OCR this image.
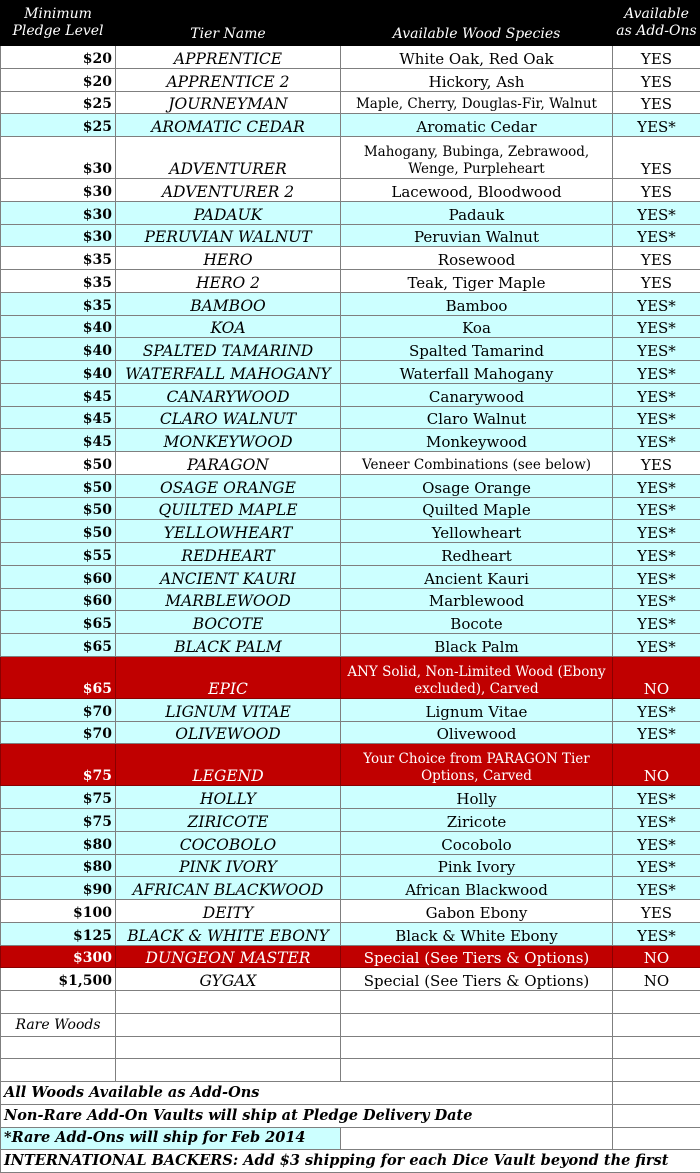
Minimum Pledge Level	Tier Name	Available Wood Species	Available as Add-Ons
$20	APPRENTICE	White Oak, Red Oak	YES
$20	APPRENTICE 2	Hickory, Ash	YES
$25	JOURNEYMAN	Maple, Cherry, Douglas-Fir, Walnut	YES
$25	AROMATIC CEDAR	Aromatic Cedar	YES*
$30	ADVENTURER	Mahogany, Bubinga, Zebrawood, Wenge, Purpleheart	YES
$30	ADVENTURER 2	Lacewood, Bloodwood	YES
$30	PADAUK	Padauk	YES*
$30	PERUVIAN WALNUT	Peruvian Walnut	YES*
$35	HERO	Rosewood	YES
$35	HERO 2	Teak, Tiger Maple	YES
$35	BAMBOO	Bamboo	YES*
$40	KOA	Koa	YES*
$40	SPALTED TAMARIND	Spalted Tamarind	YES*
$40	WATERFALL MAHOGANY	Waterfall Mahogany	YES*
$45	CANARYWOOD	Canarywood	YES*
$45	CLARO WALNUT	Claro Walnut	YES*
$45	MONKEYWOOD	Monkeywood	YES*
$50	PARAGON	Veneer Combinations (see below)	YES
$50	OSAGE ORANGE	Osage Orange	YES*
$50	QUILTED MAPLE	Quilted Maple	YES*
$50	YELLOWHEART	Yellowheart	YES*
$55	REDHEART	Redheart	YES*
$60	ANCIENT KAURI	Ancient Kauri	YES*
$60	MARBLEWOOD	Marblewood	YES*
$65	BOCOTE	Bocote	YES*
$65	BLACK PALM	Black Palm	YES*
$65	EPIC	ANY Solid, Non-Limited Wood (Ebony excluded), Carved	NO
$70	LIGNUM VITAE	Lignum Vitae	YES*
$70	OLIVEWOOD	Olivewood	YES*
$75	LEGEND	Your Choice from PARAGON Tier Options, Carved	NO
$75	HOLLY	Holly	YES*
$75	ZIRICOTE	Ziricote	YES*
$80	COCOBOLO	Cocobolo	YES*
$80	PINK IVORY	Pink Ivory	YES*
$90	AFRICAN BLACKWOOD	African Blackwood	YES*
$100	DEITY	Gabon Ebony	YES
$125	BLACK & WHITE EBONY	Black & White Ebony	YES*
$300	DUNGEON MASTER	Special (See Tiers & Options)	NO
$1,500	GYGAX	Special (See Tiers & Options)	NO

Rare Woods			
Sold Out Tier			

All Woods Available as Add-Ons			
Non-Rare Add-On Vaults will ship at Pledge Delivery Date			
*Rare Add-Ons will ship for Feb 2014			
INTERNATIONAL BACKERS: Add $3 shipping for each Dice Vault beyond the first			
